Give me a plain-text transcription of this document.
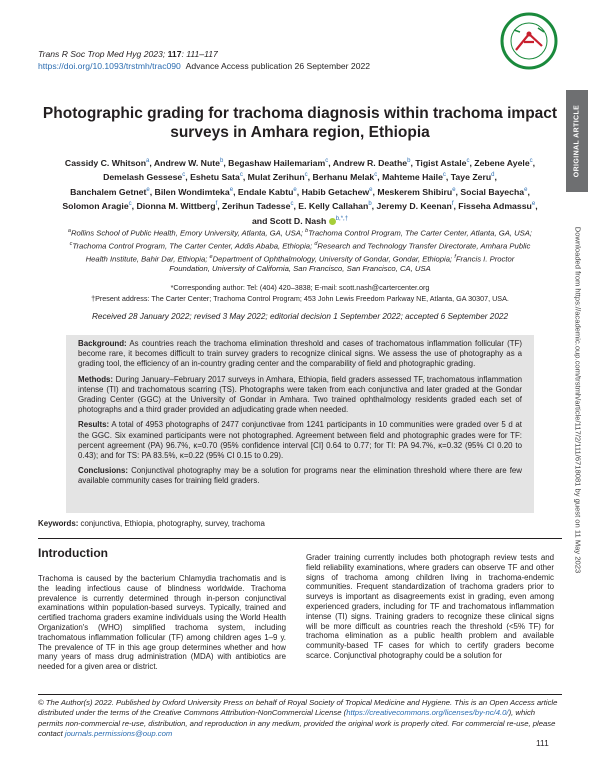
Trans R Soc Trop Med Hyg 2023; 117: 111–117
https://doi.org/10.1093/trstmh/trac090 Advance Access publication 26 September 2022
ORIGINAL ARTICLE
Downloaded from https://academic.oup.com/trstmh/article/117/2/111/6718081 by guest on 11 May 2023
Photographic grading for trachoma diagnosis within trachoma impact
surveys in Amhara region, Ethiopia
Cassidy C. Whitson$^a$, Andrew W. Nute$^b$, Begashaw Hailemariam$^c$, Andrew R. Deathe$^b$, Tigist Astale$^c$, Zebene Ayele$^c$,
Demelash Gessese$^c$, Eshetu Sata$^c$, Mulat Zerihun$^c$, Berhanu Melak$^c$, Mahteme Haile$^c$, Taye Zeru$^d$,
Banchalem Getnet$^e$, Bilen Wondimteka$^e$, Endale Kabtu$^e$, Habib Getachew$^e$, Meskerem Shibiru$^e$, Social Bayecha$^e$,
Solomon Aragie$^c$, Dionna M. Wittberg$^f$, Zerihun Tadesse$^c$, E. Kelly Callahan$^b$, Jeremy D. Keenan$^f$, Fisseha Admassu$^e$,
and Scott D. Nash $^{b,*,\dagger}$
$^a$Rollins School of Public Health, Emory University, Atlanta, GA, USA; $^b$Trachoma Control Program, The Carter Center, Atlanta, GA, USA;
$^c$Trachoma Control Program, The Carter Center, Addis Ababa, Ethiopia; $^d$Research and Technology Transfer Directorate, Amhara Public
Health Institute, Bahir Dar, Ethiopia; $^e$Department of Ophthalmology, University of Gondar, Gondar, Ethiopia; $^f$Francis I. Proctor
Foundation, University of California, San Francisco, San Francisco, CA, USA
*Corresponding author: Tel: (404) 420–3838; E-mail: scott.nash@cartercenter.org
†Present address: The Carter Center; Trachoma Control Program; 453 John Lewis Freedom Parkway NE, Atlanta, GA 30307, USA.
Received 28 January 2022; revised 3 May 2022; editorial decision 1 September 2022; accepted 6 September 2022

Background: As countries reach the trachoma elimination threshold and cases of trachomatous inflammation follicular (TF) become rare, it becomes difficult to train survey graders to recognize clinical signs. We assess the use of photography as a grading tool, the efficiency of an in-country grading center and the comparability of field and photographic grading.

Methods: During January–February 2017 surveys in Amhara, Ethiopia, field graders assessed TF, trachomatous inflammation intense (TI) and trachomatous scarring (TS). Photographs were taken from each conjunctiva and later graded at the Gondar Grading Center (GGC) at the University of Gondar in Amhara. Two trained ophthalmology residents graded each set of photographs and a third grader provided an adjudicating grade when needed.

Results: A total of 4953 photographs of 2477 conjunctivae from 1241 participants in 10 communities were graded over 5 d at the GGC. Six examined participants were not photographed. Agreement between field and photographic grades were for TF: percent agreement (PA) 96.7%, κ=0.70 (95% confidence interval [CI] 0.64 to 0.77; for TI: PA 94.7%, κ=0.32 (95% CI 0.20 to 0.43); and for TS: PA 83.5%, κ=0.22 (95% CI 0.15 to 0.29).

Conclusions: Conjunctival photography may be a solution for programs near the elimination threshold where there are few available community cases for training field graders.

Keywords: conjunctiva, Ethiopia, photography, survey, trachoma
Introduction

Trachoma is caused by the bacterium Chlamydia trachomatis and is the leading infectious cause of blindness worldwide. Trachoma prevalence is currently determined through in-person conjunctival examinations within population-based surveys. Typically, trained and certified trachoma graders examine individuals using the World Health Organization's (WHO) simplified trachoma system, including trachomatous inflammation follicular (TF) among children ages 1–9 y. The prevalence of TF in this age group determines whether and how many years of mass drug administration (MDA) with antibiotics are needed for a given area or district.

Grader training currently includes both photograph review tests and field reliability examinations, where graders can observe TF and other signs of trachoma among children living in trachoma-endemic communities. Frequent standardization of trachoma graders prior to surveys is important as disagreements exist in grading, even among experienced graders, including for TF and trachomatous inflammation intense (TI) signs. Training graders to recognize these clinical signs will be more difficult as countries reach the threshold (<5% TF) for trachoma elimination as a public health problem and available community-based TF cases for which to certify graders become scarce. Conjunctival photography could be a solution for

© The Author(s) 2022. Published by Oxford University Press on behalf of Royal Society of Tropical Medicine and Hygiene. This is an Open Access article distributed under the terms of the Creative Commons Attribution-NonCommercial License (https://creativecommons.org/licenses/by-nc/4.0/), which permits non-commercial re-use, distribution, and reproduction in any medium, provided the original work is properly cited. For commercial re-use, please contact journals.permissions@oup.com
111
